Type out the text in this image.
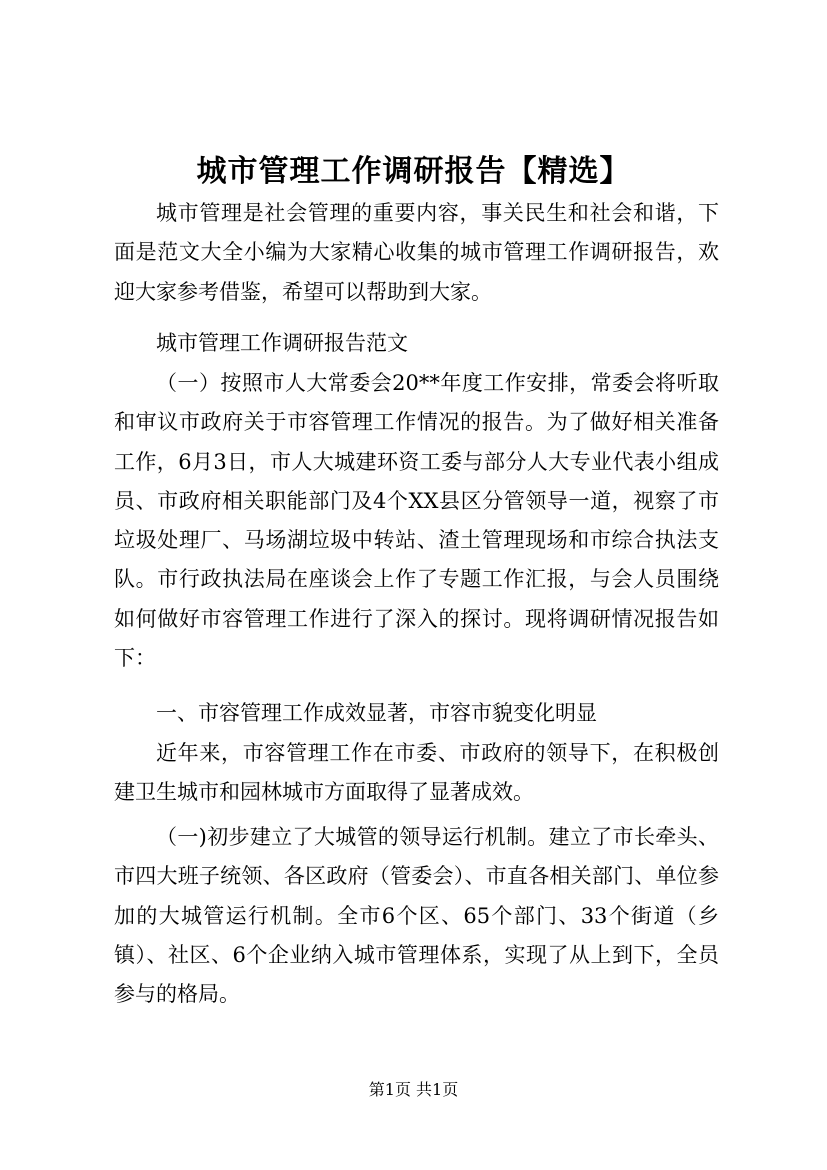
城市管理工作调研报告【精选】

城市管理是社会管理的重要内容，事关民生和社会和谐，下面是范文大全小编为大家精心收集的城市管理工作调研报告，欢迎大家参考借鉴，希望可以帮助到大家。

城市管理工作调研报告范文

（一）按照市人大常委会20**年度工作安排，常委会将听取和审议市政府关于市容管理工作情况的报告。为了做好相关准备工作，6月3日，市人大城建环资工委与部分人大专业代表小组成员、市政府相关职能部门及4个XX县区分管领导一道，视察了市垃圾处理厂、马场湖垃圾中转站、渣土管理现场和市综合执法支队。市行政执法局在座谈会上作了专题工作汇报，与会人员围绕如何做好市容管理工作进行了深入的探讨。现将调研情况报告如下：

一、市容管理工作成效显著，市容市貌变化明显

近年来，市容管理工作在市委、市政府的领导下，在积极创建卫生城市和园林城市方面取得了显著成效。

（一)初步建立了大城管的领导运行机制。建立了市长牵头、市四大班子统领、各区政府（管委会）、市直各相关部门、单位参加的大城管运行机制。全市6个区、65个部门、33个街道（乡镇）、社区、6个企业纳入城市管理体系，实现了从上到下，全员参与的格局。

第1页 共1页
